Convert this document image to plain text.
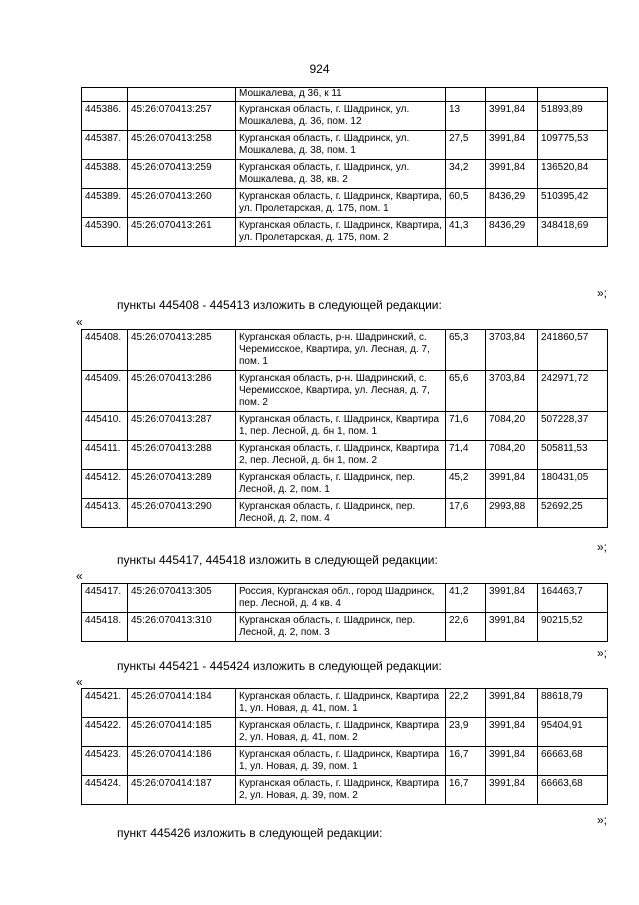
924
		Мошкалева, д 36, к 11			
445386.	45:26:070413:257	Курганская область, г. Шадринск, ул. Мошкалева, д. 36, пом. 12	13	3991,84	51893,89
445387.	45:26:070413:258	Курганская область, г. Шадринск, ул. Мошкалева, д. 38, пом. 1	27,5	3991,84	109775,53
445388.	45:26:070413:259	Курганская область, г. Шадринск, ул. Мошкалева, д. 38, кв. 2	34,2	3991,84	136520,84
445389.	45:26:070413:260	Курганская область, г. Шадринск, Квартира, ул. Пролетарская, д. 175, пом. 1	60,5	8436,29	510395,42
445390.	45:26:070413:261	Курганская область, г. Шадринск, Квартира, ул. Пролетарская, д. 175, пом. 2	41,3	8436,29	348418,69
»;
пункты 445408 - 445413 изложить в следующей редакции:
«
445408.	45:26:070413:285	Курганская область, р-н. Шадринский, с. Черемисское, Квартира, ул. Лесная, д. 7, пом. 1	65,3	3703,84	241860,57
445409.	45:26:070413:286	Курганская область, р-н. Шадринский, с. Черемисское, Квартира, ул. Лесная, д. 7, пом. 2	65,6	3703,84	242971,72
445410.	45:26:070413:287	Курганская область, г. Шадринск, Квартира 1, пер. Лесной, д. бн 1, пом. 1	71,6	7084,20	507228,37
445411.	45:26:070413:288	Курганская область, г. Шадринск, Квартира 2, пер. Лесной, д. бн 1, пом. 2	71,4	7084,20	505811,53
445412.	45:26:070413:289	Курганская область, г. Шадринск, пер. Лесной, д. 2, пом. 1	45,2	3991,84	180431,05
445413.	45:26:070413:290	Курганская область, г. Шадринск, пер. Лесной, д. 2, пом. 4	17,6	2993,88	52692,25
»;
пункты 445417, 445418 изложить в следующей редакции:
«
445417.	45:26:070413:305	Россия, Курганская обл., город Шадринск, пер. Лесной, д. 4 кв. 4	41,2	3991,84	164463,7
445418.	45:26:070413:310	Курганская область, г. Шадринск, пер. Лесной, д. 2, пом. 3	22,6	3991,84	90215,52
»;
пункты 445421 - 445424 изложить в следующей редакции:
«
445421.	45:26:070414:184	Курганская область, г. Шадринск, Квартира 1, ул. Новая, д. 41, пом. 1	22,2	3991,84	88618,79
445422.	45:26:070414:185	Курганская область, г. Шадринск, Квартира 2, ул. Новая, д. 41, пом. 2	23,9	3991,84	95404,91
445423.	45:26:070414:186	Курганская область, г. Шадринск, Квартира 1, ул. Новая, д. 39, пом. 1	16,7	3991,84	66663,68
445424.	45:26:070414:187	Курганская область, г. Шадринск, Квартира 2, ул. Новая, д. 39, пом. 2	16,7	3991,84	66663,68
»;
пункт 445426 изложить в следующей редакции:
